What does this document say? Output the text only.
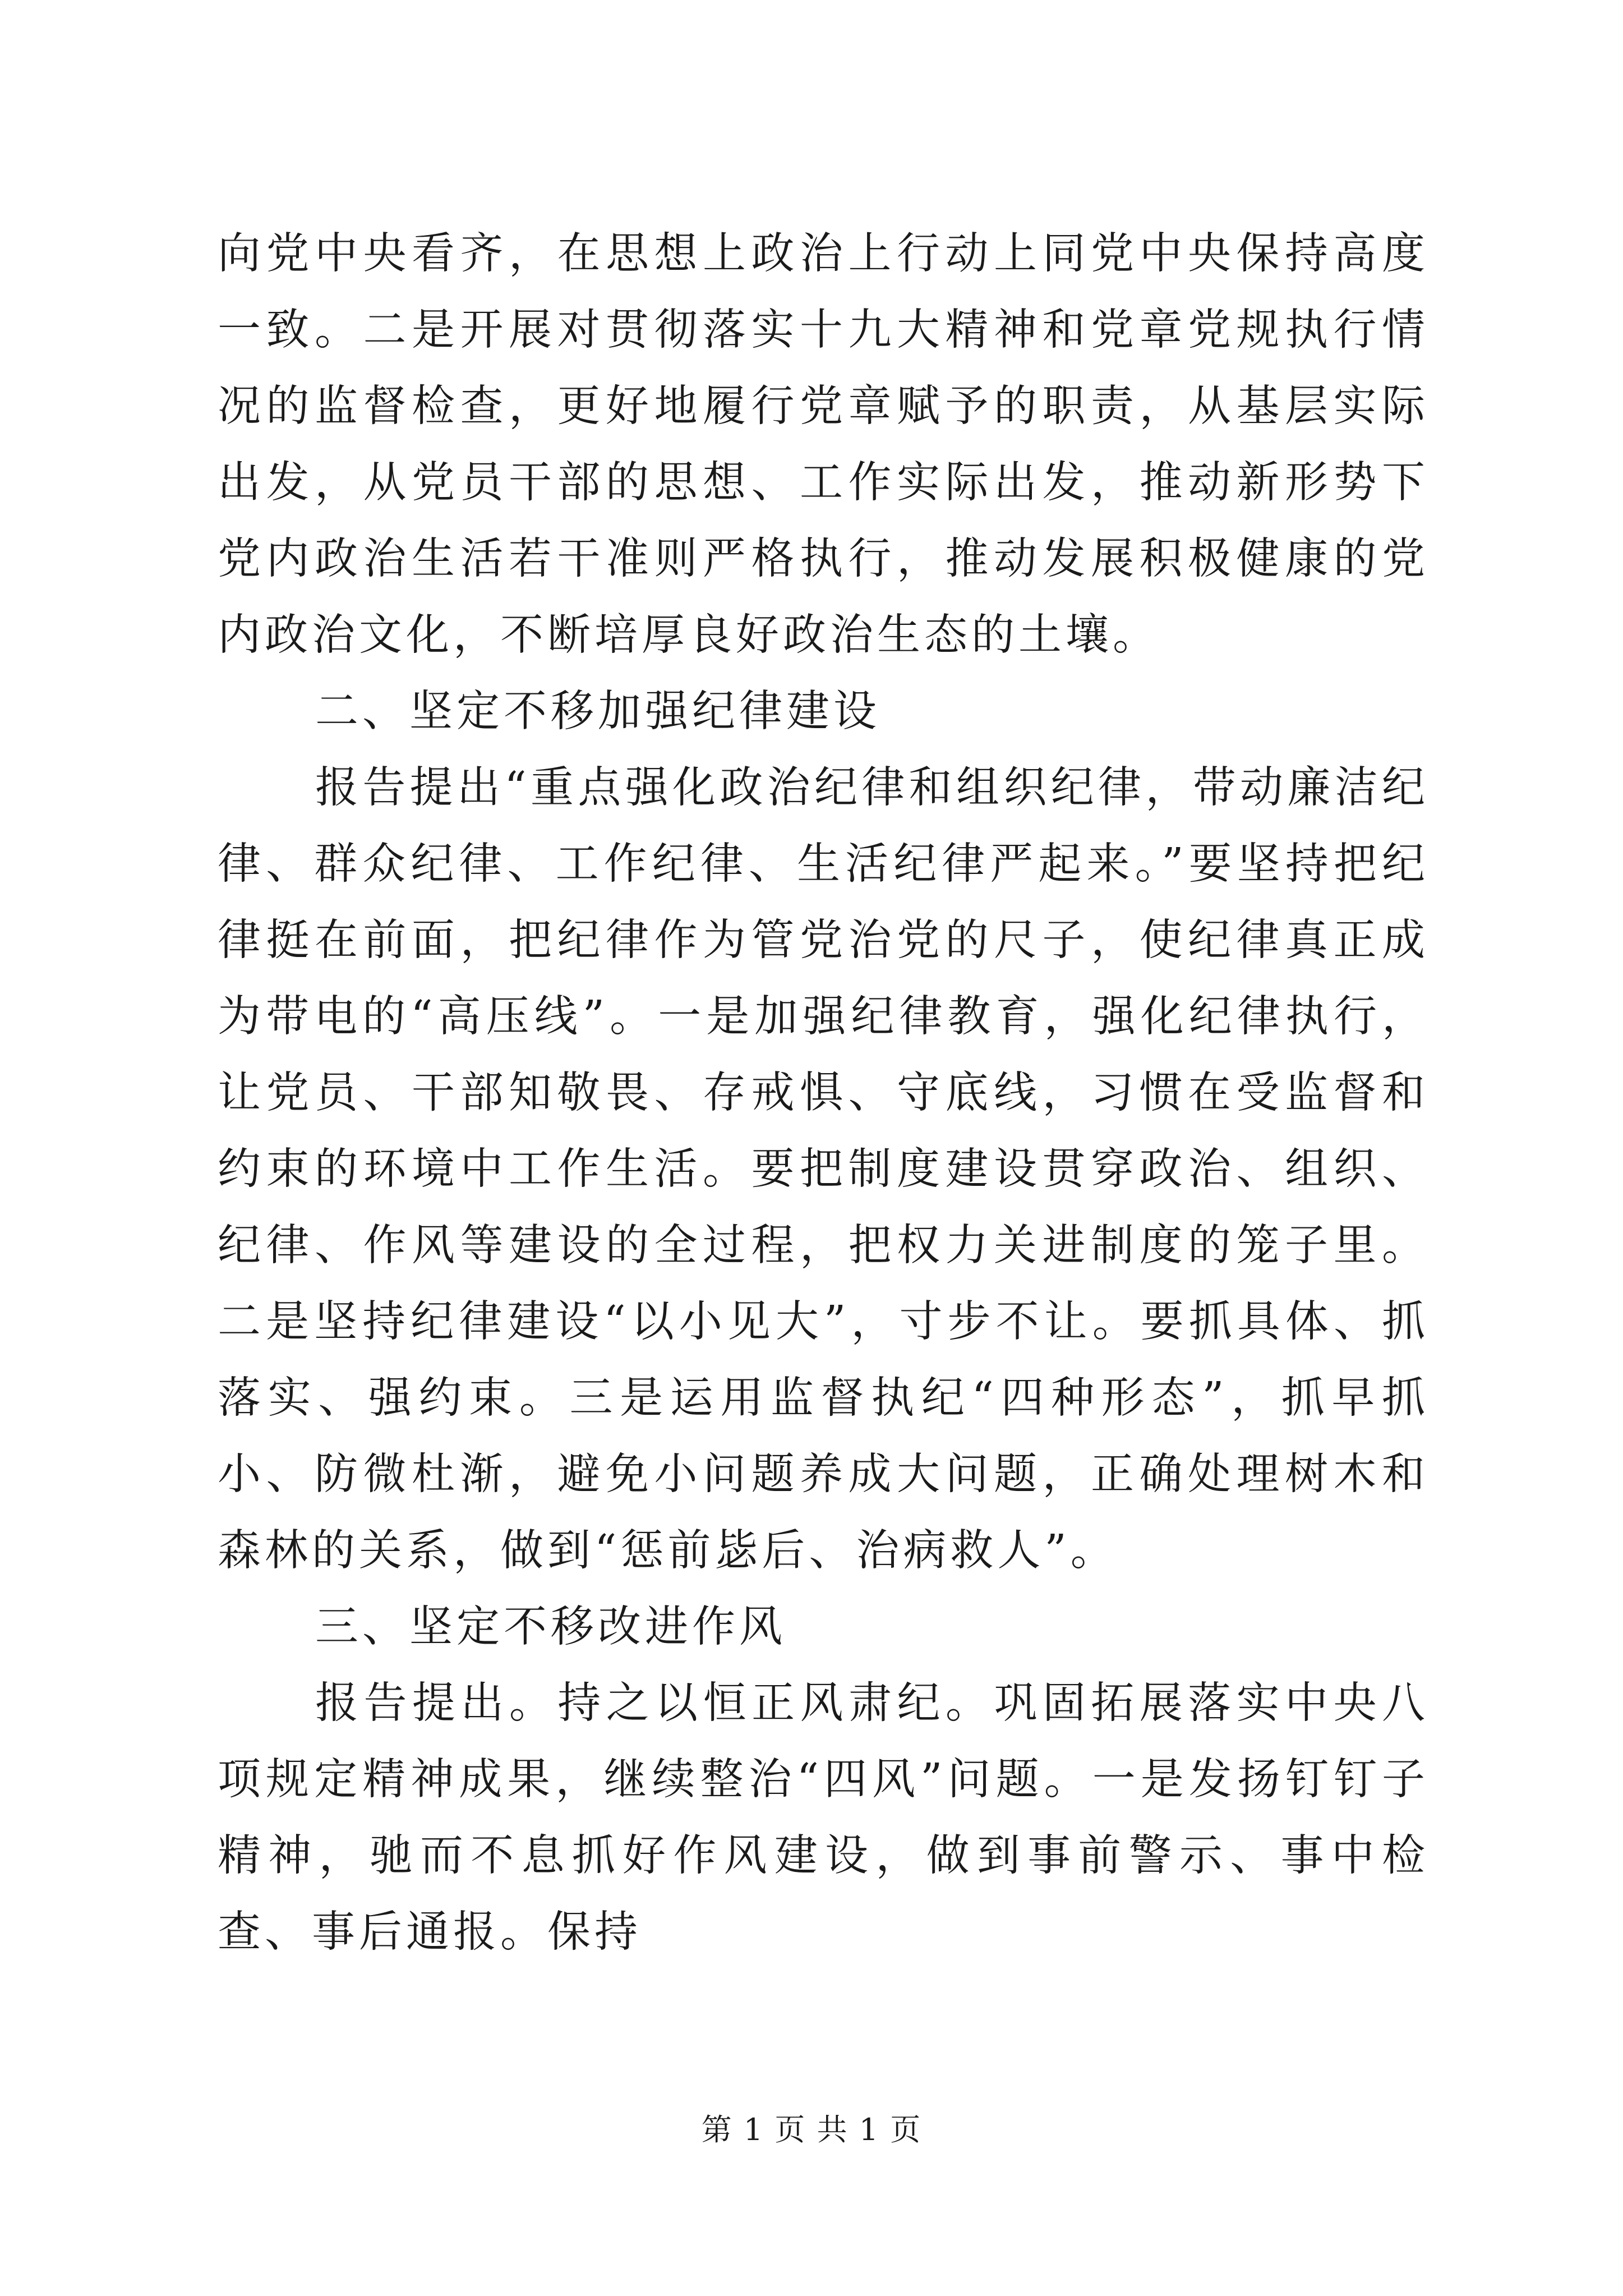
向党中央看齐，在思想上政治上行动上同党中央保持高度一致。二是开展对贯彻落实十九大精神和党章党规执行情况的监督检查，更好地履行党章赋予的职责，从基层实际出发，从党员干部的思想、工作实际出发，推动新形势下党内政治生活若干准则严格执行，推动发展积极健康的党内政治文化，不断培厚良好政治生态的土壤。

二、坚定不移加强纪律建设

报告提出“重点强化政治纪律和组织纪律，带动廉洁纪律、群众纪律、工作纪律、生活纪律严起来。”要坚持把纪律挺在前面，把纪律作为管党治党的尺子，使纪律真正成为带电的“高压线”。一是加强纪律教育，强化纪律执行，让党员、干部知敬畏、存戒惧、守底线，习惯在受监督和约束的环境中工作生活。要把制度建设贯穿政治、组织、纪律、作风等建设的全过程，把权力关进制度的笼子里。二是坚持纪律建设“以小见大”，寸步不让。要抓具体、抓落实、强约束。三是运用监督执纪“四种形态”，抓早抓小、防微杜渐，避免小问题养成大问题，正确处理树木和森林的关系，做到“惩前毖后、治病救人”。

三、坚定不移改进作风

报告提出。持之以恒正风肃纪。巩固拓展落实中央八项规定精神成果，继续整治“四风”问题。一是发扬钉钉子精神，驰而不息抓好作风建设，做到事前警示、事中检查、事后通报。保持

第 1 页 共 1 页
